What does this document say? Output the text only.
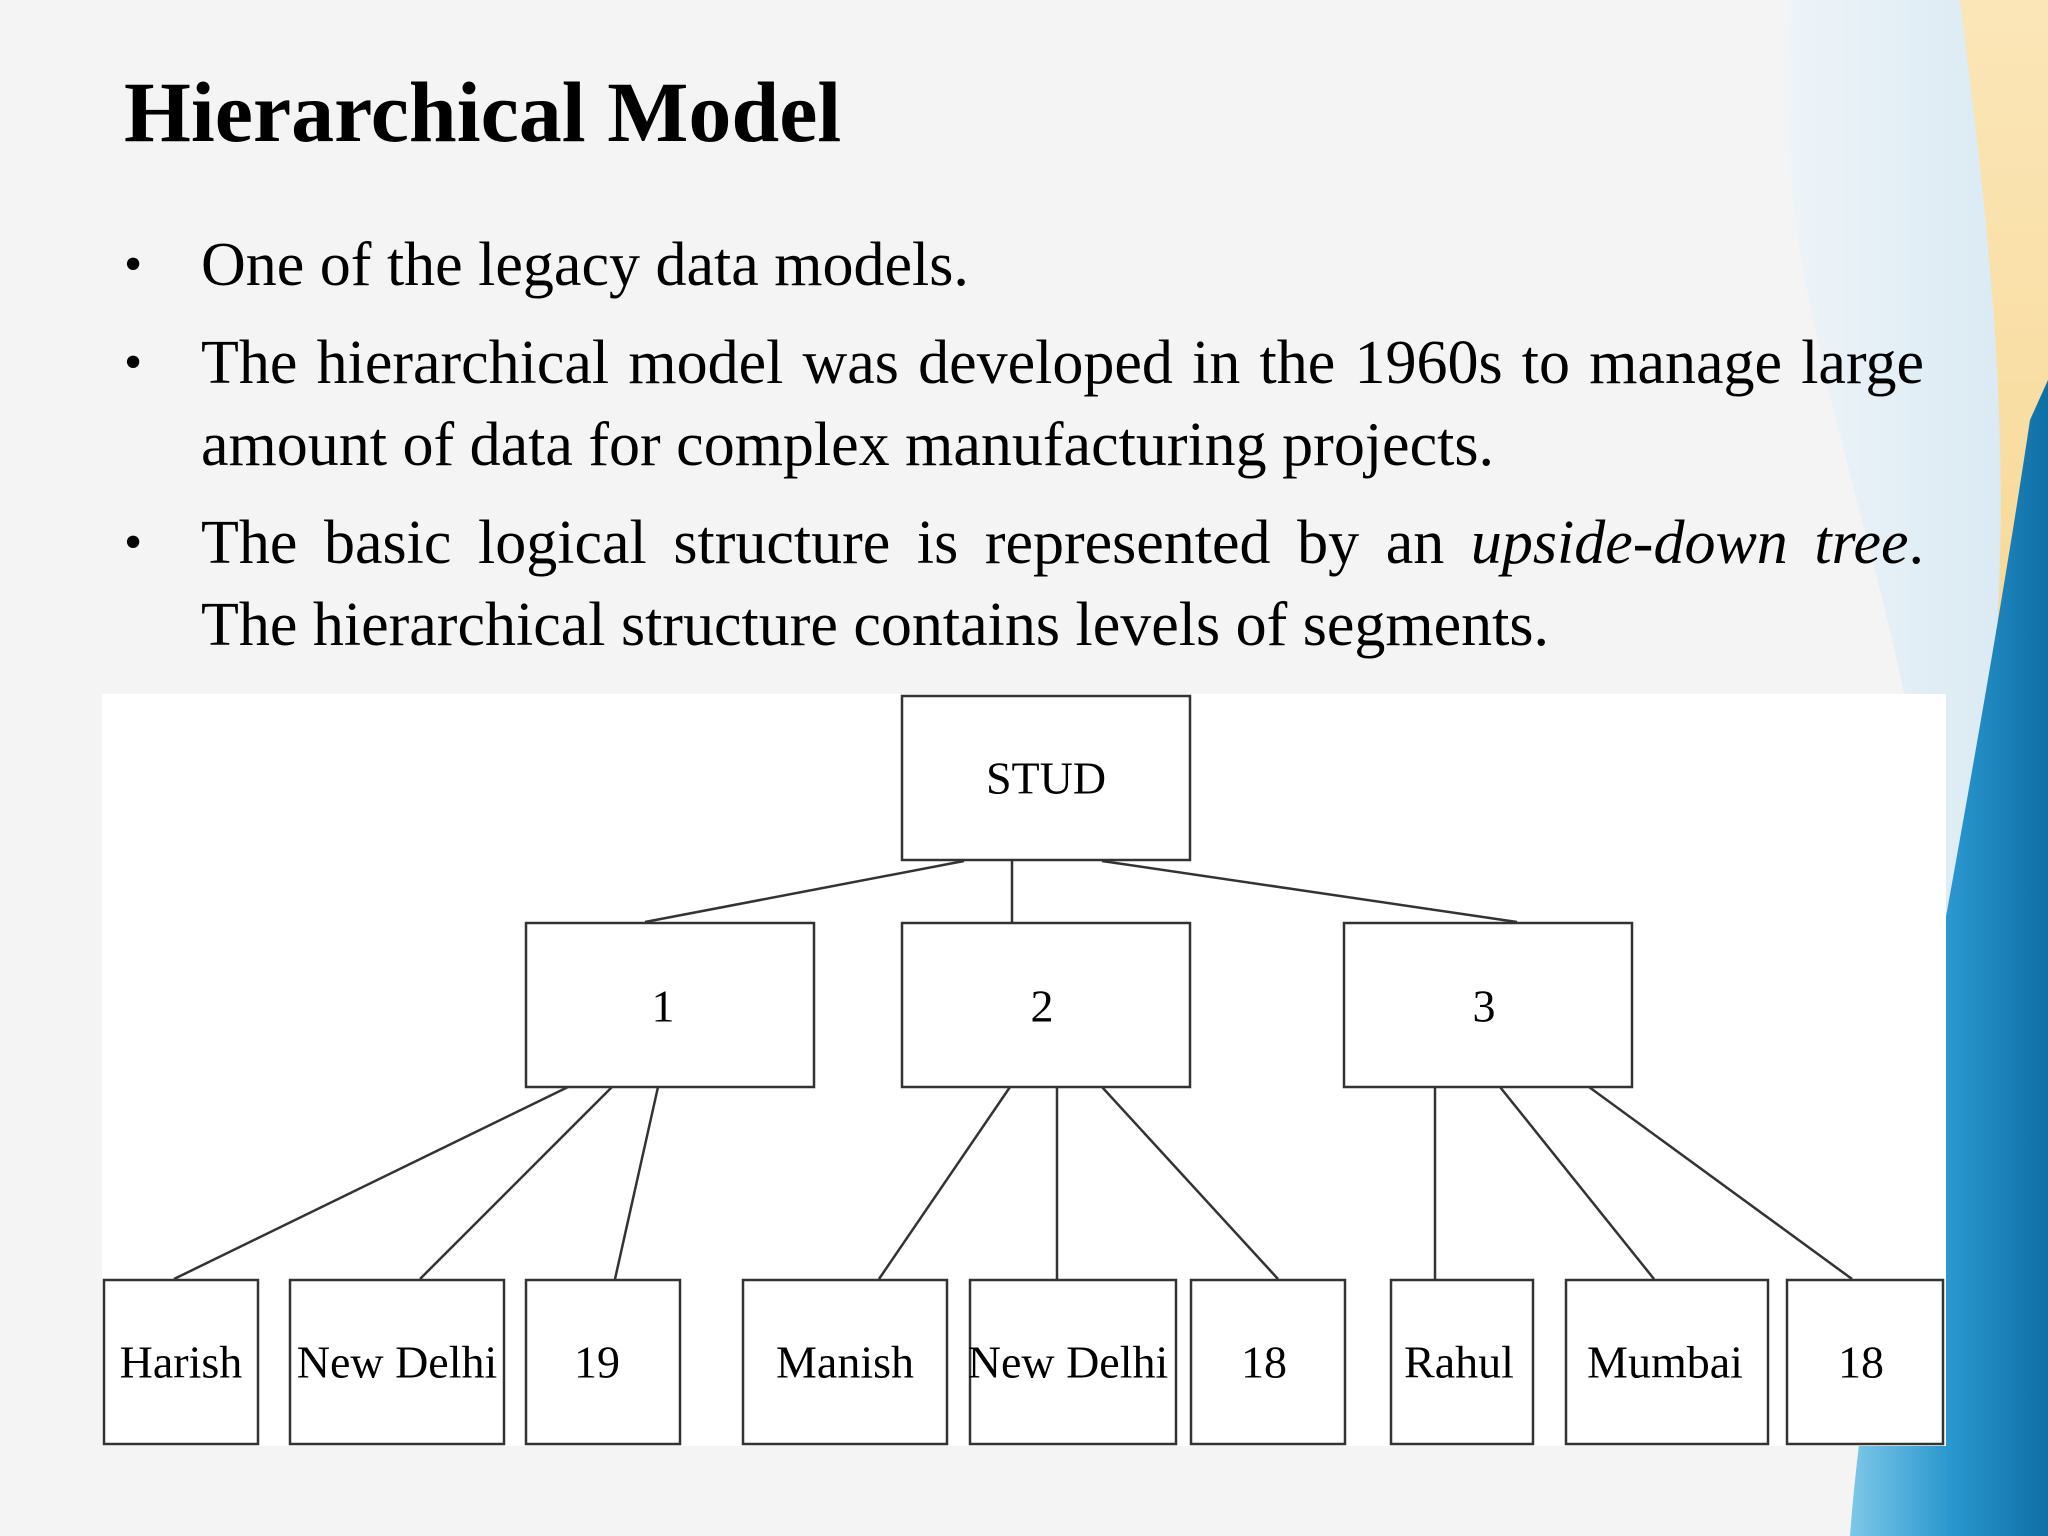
Hierarchical Model
• One of the legacy data models.
• The hierarchical model was developed in the 1960s to manage large amount of data for complex manufacturing projects.
• The basic logical structure is represented by an upside-down tree. The hierarchical structure contains levels of segments.
STUD
1	2	3
Harish New Delhi 19	Manish New Delhi 18	Rahul Mumbai 18
